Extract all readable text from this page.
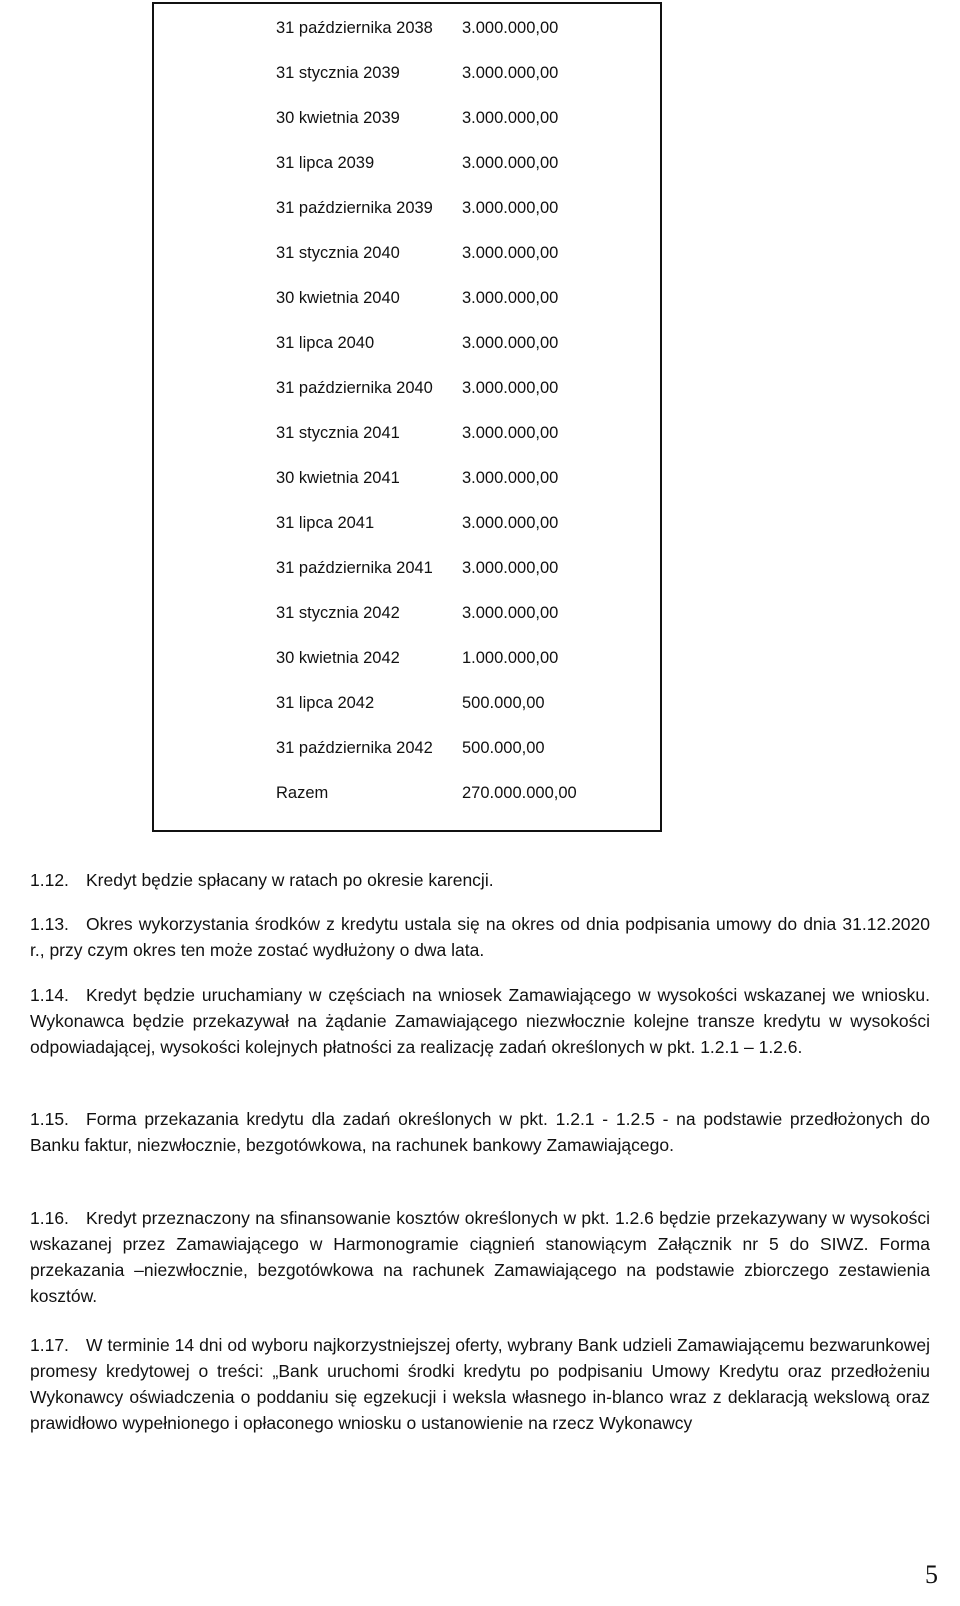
31 października 2038 3.000.000,00
31 stycznia 2039	3.000.000,00
30 kwietnia 2039	3.000.000,00
31 lipca 2039	3.000.000,00
31 października 2039 3.000.000,00
31 stycznia 2040	3.000.000,00
30 kwietnia 2040	3.000.000,00
31 lipca 2040	3.000.000,00
31 października 2040 3.000.000,00
31 stycznia 2041	3.000.000,00
30 kwietnia 2041	3.000.000,00
31 lipca 2041	3.000.000,00
31 października 2041 3.000.000,00
31 stycznia 2042	3.000.000,00
30 kwietnia 2042	1.000.000,00
31 lipca 2042	500.000,00
31 października 2042 500.000,00
Razem	270.000.000,00
1.12. Kredyt będzie spłacany w ratach po okresie karencji.

1.13. Okres wykorzystania środków z kredytu ustala się na okres od dnia podpisania umowy do dnia 31.12.2020 r., przy czym okres ten może zostać wydłużony o dwa lata.

1.14. Kredyt będzie uruchamiany w częściach na wniosek Zamawiającego w wysokości wskazanej we wniosku. Wykonawca będzie przekazywał na żądanie Zamawiającego niezwłocznie kolejne transze kredytu w wysokości odpowiadającej, wysokości kolejnych płatności za realizację zadań określonych w pkt. 1.2.1 – 1.2.6.

1.15. Forma przekazania kredytu dla zadań określonych w pkt. 1.2.1 - 1.2.5 - na podstawie przedłożonych do Banku faktur, niezwłocznie, bezgotówkowa, na rachunek bankowy Zamawiającego.

1.16. Kredyt przeznaczony na sfinansowanie kosztów określonych w pkt. 1.2.6 będzie przekazywany w wysokości wskazanej przez Zamawiającego w Harmonogramie ciągnień stanowiącym Załącznik nr 5 do SIWZ. Forma przekazania –niezwłocznie, bezgotówkowa na rachunek Zamawiającego na podstawie zbiorczego zestawienia kosztów.

1.17. W terminie 14 dni od wyboru najkorzystniejszej oferty, wybrany Bank udzieli Zamawiającemu bezwarunkowej promesy kredytowej o treści: „Bank uruchomi środki kredytu po podpisaniu Umowy Kredytu oraz przedłożeniu Wykonawcy oświadczenia o poddaniu się egzekucji i weksla własnego in-blanco wraz z deklaracją wekslową oraz prawidłowo wypełnionego i opłaconego wniosku o ustanowienie na rzecz Wykonawcy

5
